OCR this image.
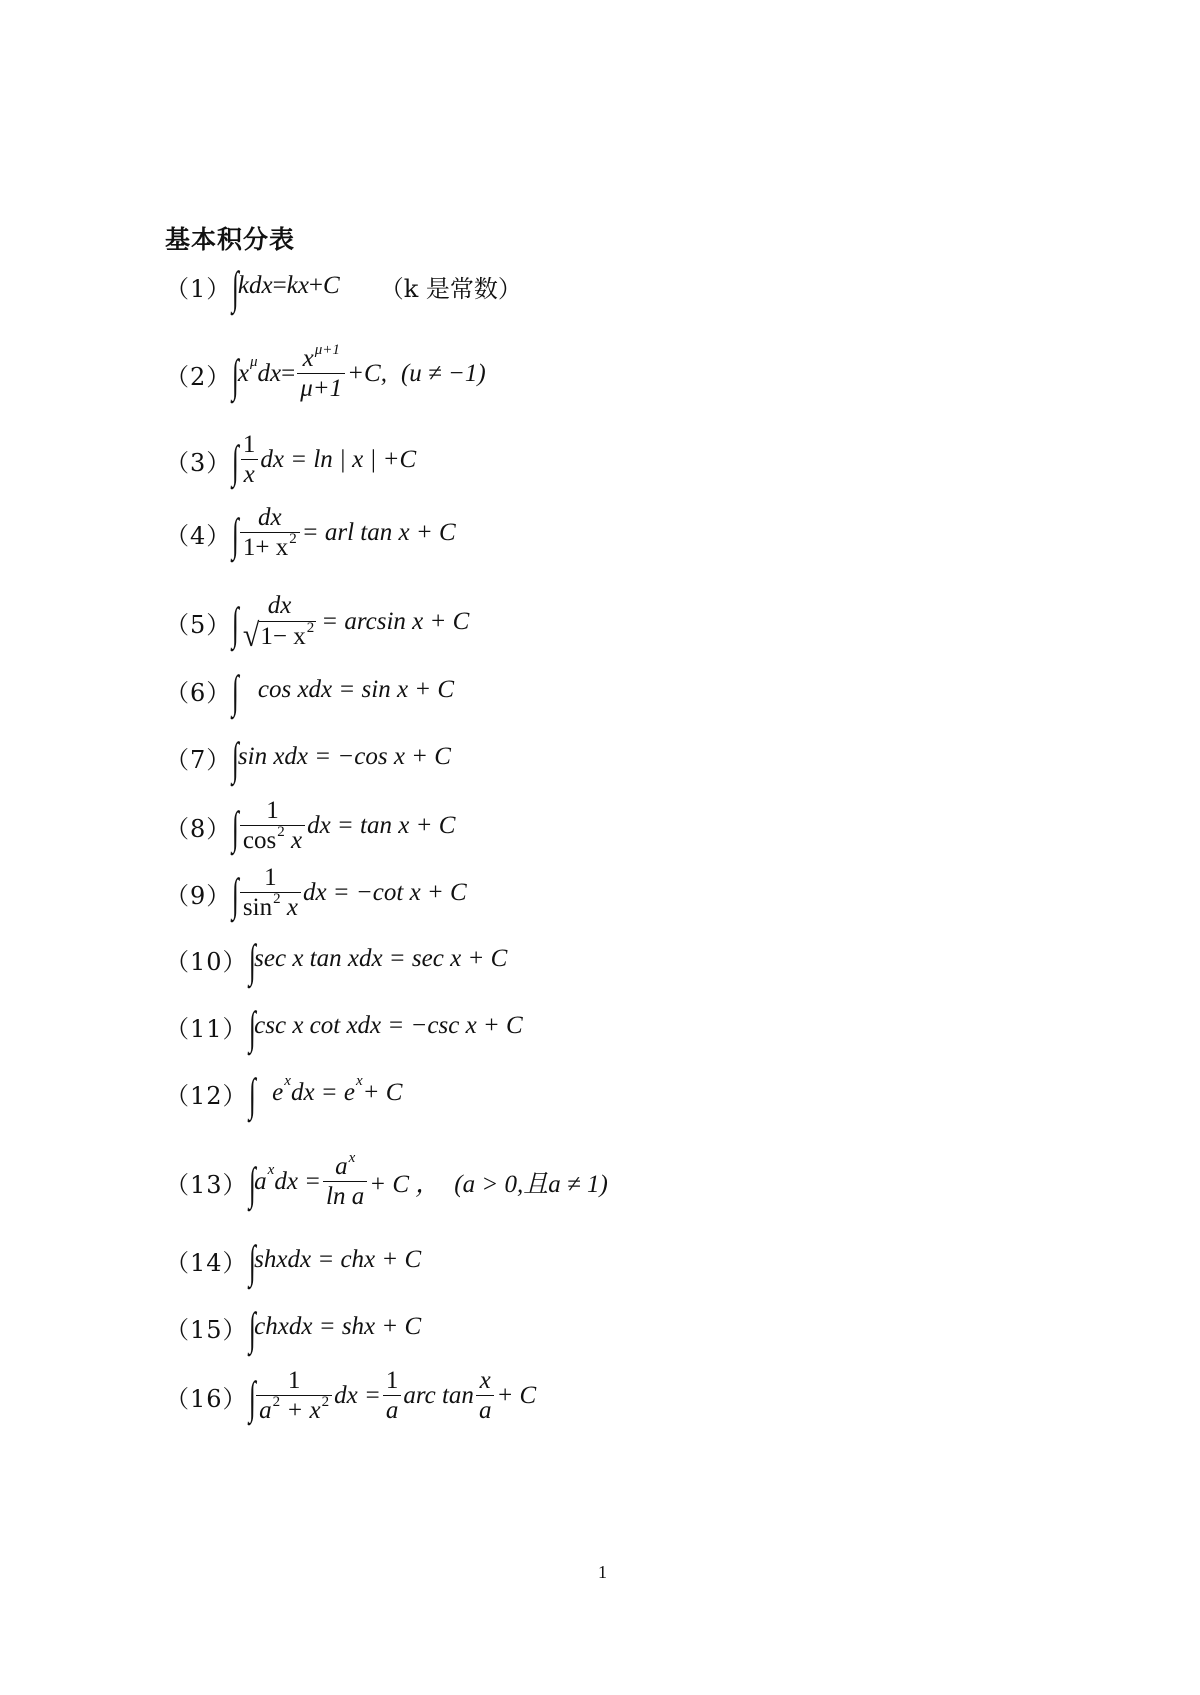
基本积分表
（1） ∫
k dx = kx + C （k 是常数）
（2） ∫
x μ dx = $\frac{x^{\mu+1}}{\mu+1} +C$, (u ≠ −1)
（3） ∫ $\frac{1}{x}$ dx = ln | x | +C
（4） ∫ $\frac{dx}{1+ x^2}$ = arl tan x + C
（5） ∫ dx
√ $1- x^2 = \arcsin x + C$
（6） ∫ cos xdx = sin x + C
（7） ∫
sin xdx = −cos x + C
（8） ∫ $\frac{1}{\cos^2 x}$ dx = tan x + C
（9） ∫ $\frac{1}{\sin^2 x}$ dx = −cot x + C
（10） ∫
sec x tan xdx = sec x + C
（11） ∫
csc x cot xdx = −csc x + C
（12） ∫ e x dx = e x + C
（13） ∫
a x dx = $\frac{a^x}{\text{ln a}} + C$ ， (a > 0,且a ≠ 1)
（14） ∫
shxdx = chx + C
（15） ∫
chxdx = shx + C
（16） ∫ $\frac{1}{a^2 + x^2}$ dx = $\frac{1}{a}$ arc $\tan \frac{x}{a} + C$
1
